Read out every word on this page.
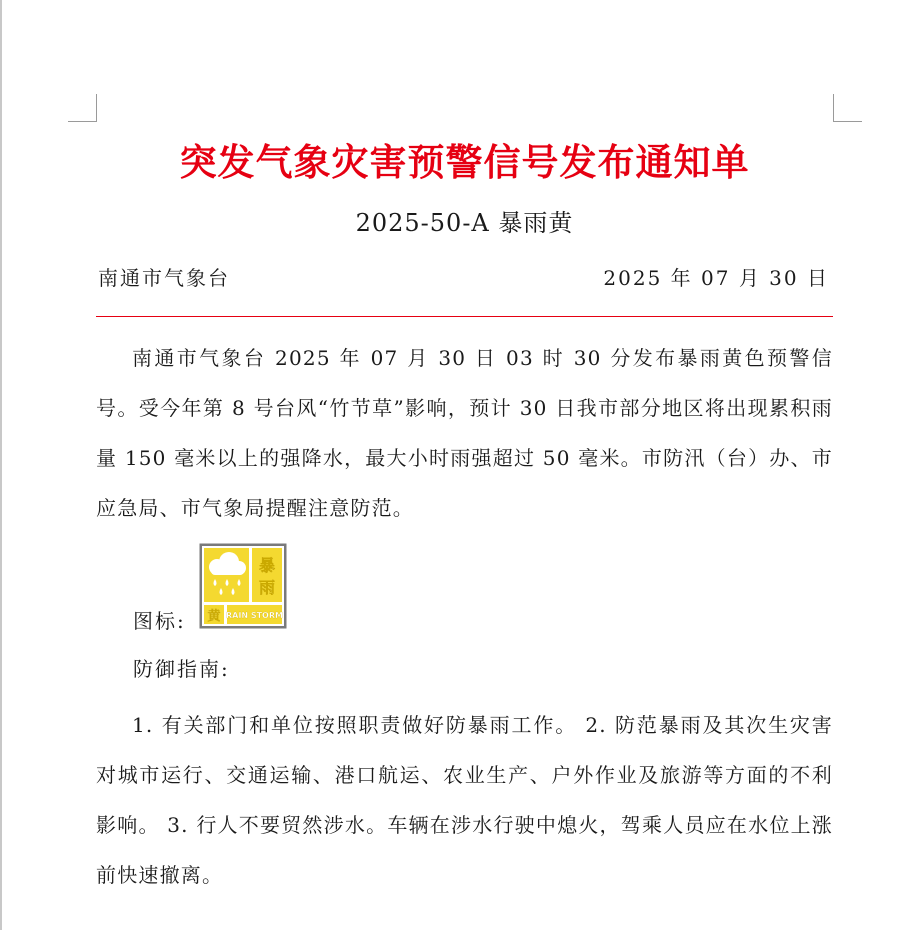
突发气象灾害预警信号发布通知单
2025-50-A 暴雨黄
南通市气象台	2025 年 07 月 30 日

南通市气象台 2025 年 07 月 30 日 03 时 30 分发布暴雨黄色预警信号。受今年第 8 号台风“竹节草”影响，预计 30 日我市部分地区将出现累积雨量 150 毫米以上的强降水，最大小时雨强超过 50 毫米。市防汛（台）办、市应急局、市气象局提醒注意防范。

图标:
暴
雨
黄 RAIN STORM
防御指南:

1. 有关部门和单位按照职责做好防暴雨工作。 2. 防范暴雨及其次生灾害对城市运行、交通运输、港口航运、农业生产、户外作业及旅游等方面的不利影响。 3. 行人不要贸然涉水。车辆在涉水行驶中熄火，驾乘人员应在水位上涨前快速撤离。
